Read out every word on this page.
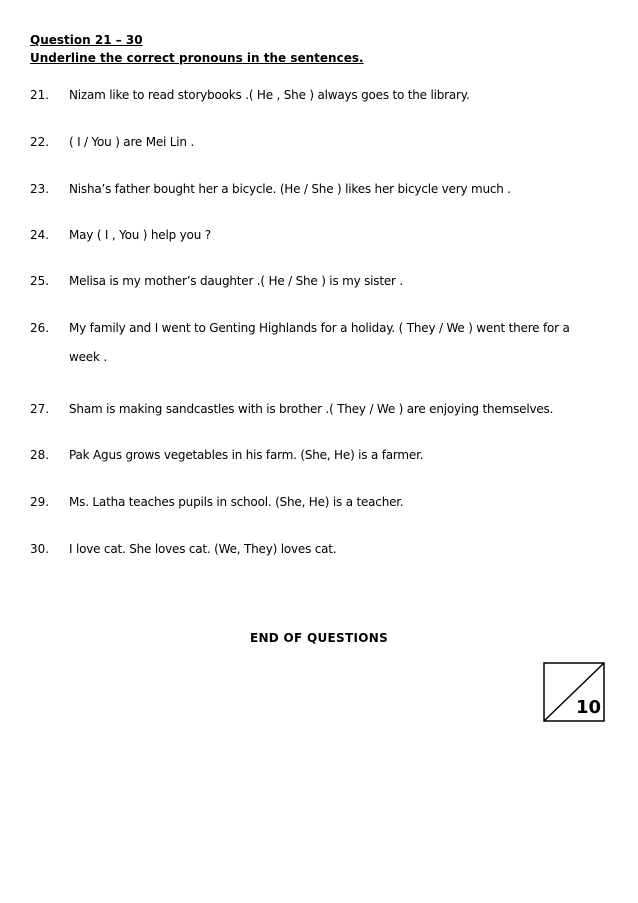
Question 21 – 30
Underline the correct pronouns in the sentences.
21.	Nizam like to read storybooks .( He , She ) always goes to the library.
22.	( I / You ) are Mei Lin .
23.	Nisha’s father bought her a bicycle. (He / She ) likes her bicycle very much .
24.	May ( I , You ) help you ?
25.	Melisa is my mother’s daughter .( He / She ) is my sister .
26.	My family and I went to Genting Highlands for a holiday. ( They / We ) went there for a
week .
27.	Sham is making sandcastles with is brother .( They / We ) are enjoying themselves.
28.	Pak Agus grows vegetables in his farm. (She, He) is a farmer.
29.	Ms. Latha teaches pupils in school. (She, He) is a teacher.
30.	I love cat. She loves cat. (We, They) loves cat.
END OF QUESTIONS
10
